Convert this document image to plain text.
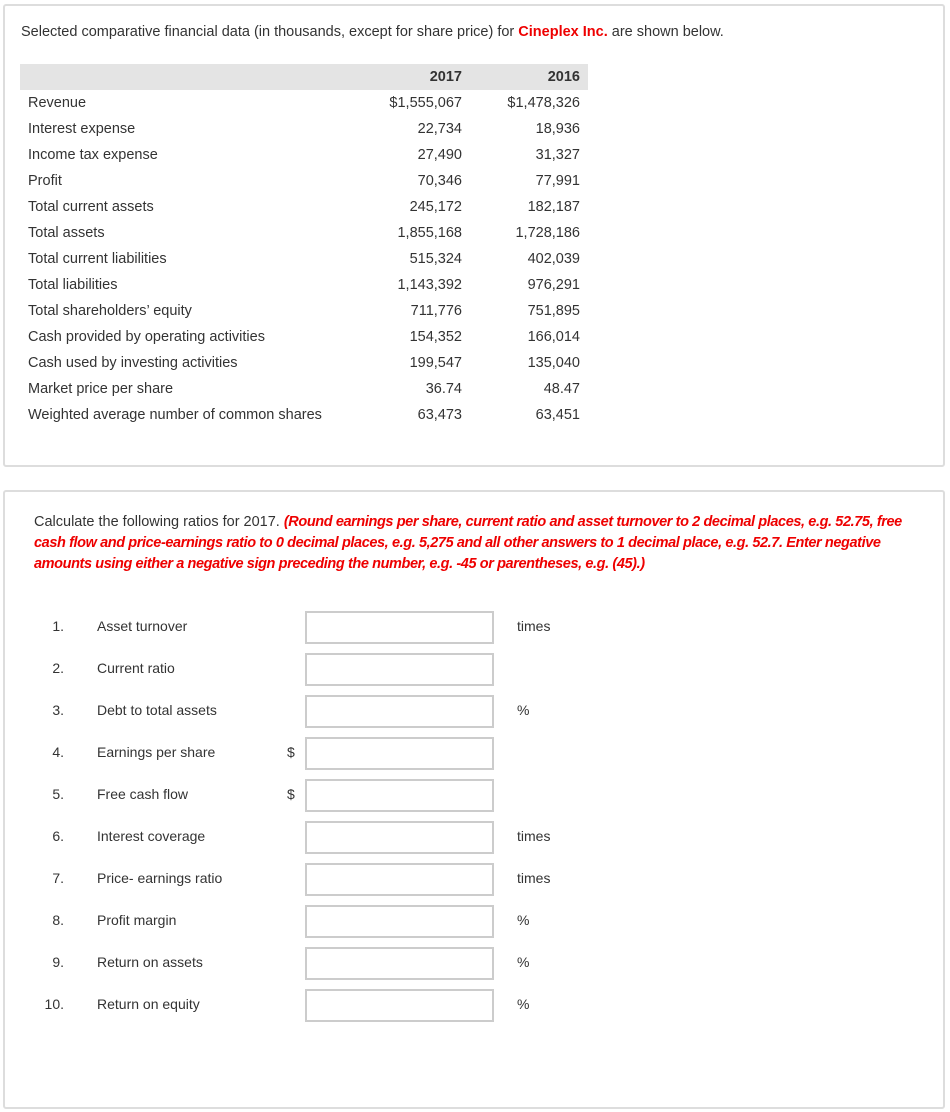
Selected comparative financial data (in thousands, except for share price) for Cineplex Inc. are shown below.
	2017	2016
Revenue	$1,555,067	$1,478,326
Interest expense	22,734	18,936
Income tax expense	27,490	31,327
Profit	70,346	77,991
Total current assets	245,172	182,187
Total assets	1,855,168	1,728,186
Total current liabilities	515,324	402,039
Total liabilities	1,143,392	976,291
Total shareholders’ equity	711,776	751,895
Cash provided by operating activities	154,352	166,014
Cash used by investing activities	199,547	135,040
Market price per share	36.74	48.47
Weighted average number of common shares	63,473	63,451
Calculate the following ratios for 2017. (Round earnings per share, current ratio and asset turnover to 2 decimal places, e.g. 52.75, free cash flow and price-earnings ratio to 0 decimal places, e.g. 5,275 and all other answers to 1 decimal place, e.g. 52.7. Enter negative amounts using either a negative sign preceding the number, e.g. -45 or parentheses, e.g. (45).)
1. Asset turnover	times
2. Current ratio
3. Debt to total assets	%
4. Earnings per share	$
5. Free cash flow	$
6. Interest coverage	times
7. Price- earnings ratio	times
8. Profit margin	%
9. Return on assets	%
10. Return on equity	%
